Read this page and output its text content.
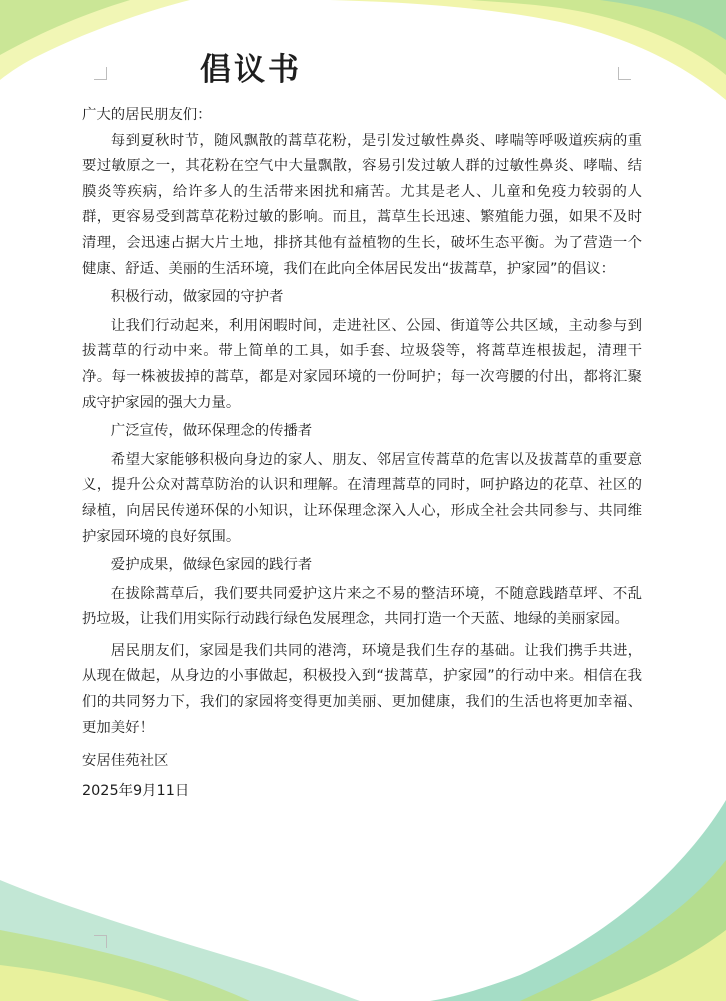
倡议书

广大的居民朋友们：

每到夏秋时节，随风飘散的蒿草花粉，是引发过敏性鼻炎、哮喘等呼吸道疾病的重要过敏原之一，其花粉在空气中大量飘散，容易引发过敏人群的过敏性鼻炎、哮喘、结膜炎等疾病，给许多人的生活带来困扰和痛苦。尤其是老人、儿童和免疫力较弱的人群，更容易受到蒿草花粉过敏的影响。而且，蒿草生长迅速、繁殖能力强，如果不及时清理，会迅速占据大片土地，排挤其他有益植物的生长，破坏生态平衡。为了营造一个健康、舒适、美丽的生活环境，我们在此向全体居民发出“拔蒿草，护家园”的倡议：

积极行动，做家园的守护者

让我们行动起来，利用闲暇时间，走进社区、公园、街道等公共区域，主动参与到拔蒿草的行动中来。带上简单的工具，如手套、垃圾袋等，将蒿草连根拔起，清理干净。每一株被拔掉的蒿草，都是对家园环境的一份呵护；每一次弯腰的付出，都将汇聚成守护家园的强大力量。

广泛宣传，做环保理念的传播者

希望大家能够积极向身边的家人、朋友、邻居宣传蒿草的危害以及拔蒿草的重要意义，提升公众对蒿草防治的认识和理解。在清理蒿草的同时，呵护路边的花草、社区的绿植，向居民传递环保的小知识，让环保理念深入人心，形成全社会共同参与、共同维护家园环境的良好氛围。

爱护成果，做绿色家园的践行者

在拔除蒿草后，我们要共同爱护这片来之不易的整洁环境，不随意践踏草坪、不乱扔垃圾，让我们用实际行动践行绿色发展理念，共同打造一个天蓝、地绿的美丽家园。

居民朋友们，家园是我们共同的港湾，环境是我们生存的基础。让我们携手共进，从现在做起，从身边的小事做起，积极投入到“拔蒿草，护家园”的行动中来。相信在我们的共同努力下，我们的家园将变得更加美丽、更加健康，我们的生活也将更加幸福、更加美好！

安居佳苑社区

2025年9月11日
